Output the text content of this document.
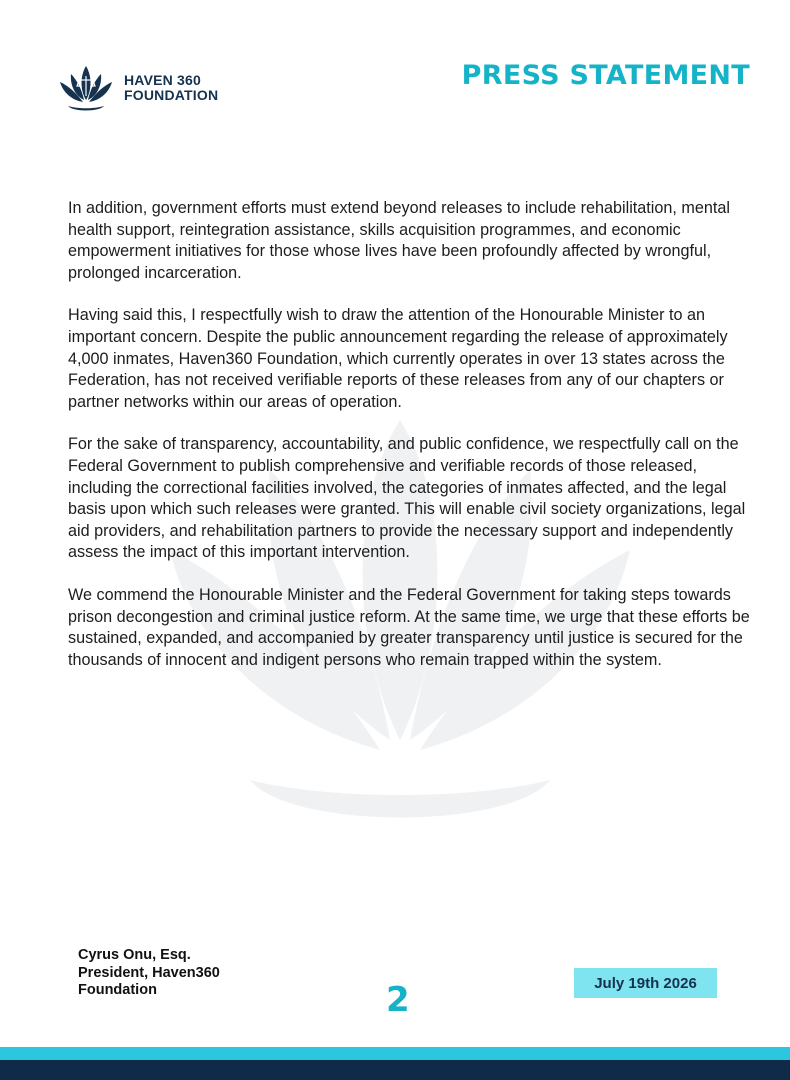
HAVEN 360
FOUNDATION
PRESS STATEMENT

In addition, government efforts must extend beyond releases to include rehabilitation, mental health support, reintegration assistance, skills acquisition programmes, and economic empowerment initiatives for those whose lives have been profoundly affected by wrongful, prolonged incarceration.

Having said this, I respectfully wish to draw the attention of the Honourable Minister to an important concern. Despite the public announcement regarding the release of approximately 4,000 inmates, Haven360 Foundation, which currently operates in over 13 states across the Federation, has not received verifiable reports of these releases from any of our chapters or partner networks within our areas of operation.

For the sake of transparency, accountability, and public confidence, we respectfully call on the Federal Government to publish comprehensive and verifiable records of those released, including the correctional facilities involved, the categories of inmates affected, and the legal basis upon which such releases were granted. This will enable civil society organizations, legal aid providers, and rehabilitation partners to provide the necessary support and independently assess the impact of this important intervention.

We commend the Honourable Minister and the Federal Government for taking steps towards prison decongestion and criminal justice reform. At the same time, we urge that these efforts be sustained, expanded, and accompanied by greater transparency until justice is secured for the thousands of innocent and indigent persons who remain trapped within the system.

Cyrus Onu, Esq.
President, Haven360
Foundation	2	July 19th 2026
